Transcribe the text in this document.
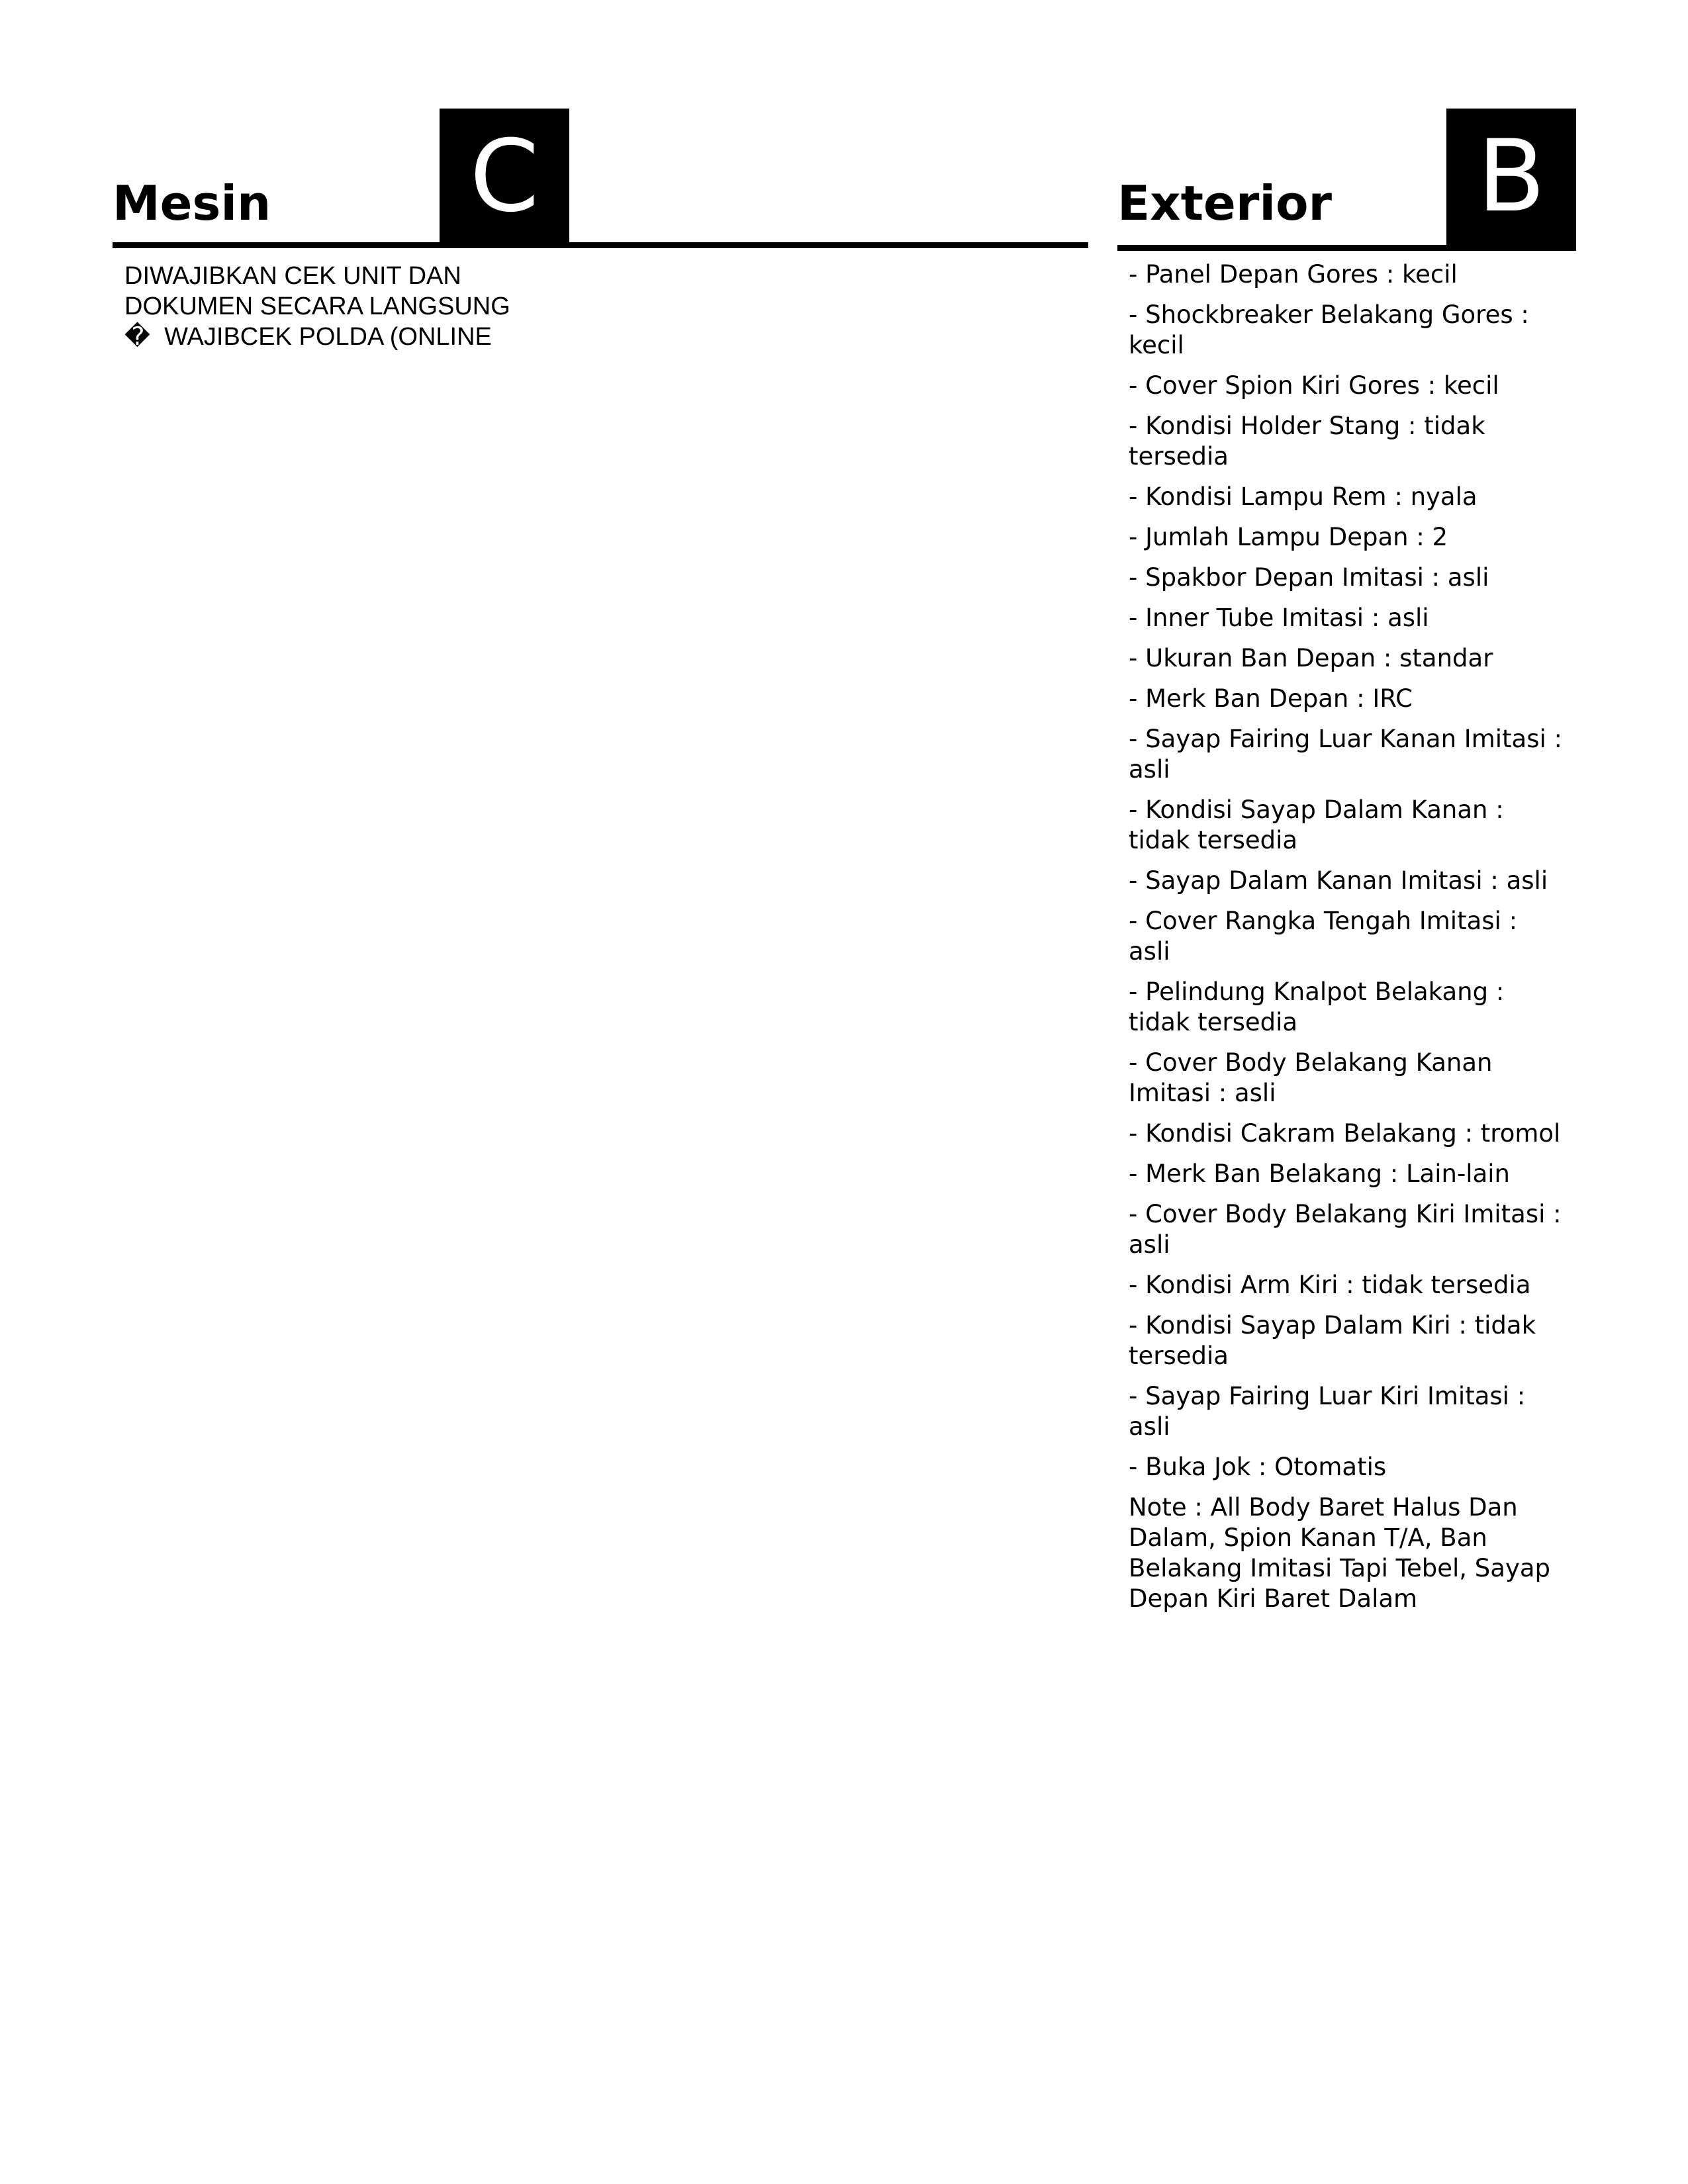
Mesin	C	Exterior	B

DIWAJIBKAN CEK UNIT DAN

DOKUMEN SECARA LANGSUNG

�  WAJIBCEK POLDA (ONLINE

- Panel Depan Gores : kecil
- Shockbreaker Belakang Gores : kecil
- Cover Spion Kiri Gores : kecil
- Kondisi Holder Stang : tidak tersedia
- Kondisi Lampu Rem : nyala
- Jumlah Lampu Depan : 2
- Spakbor Depan Imitasi : asli
- Inner Tube Imitasi : asli
- Ukuran Ban Depan : standar
- Merk Ban Depan : IRC
- Sayap Fairing Luar Kanan Imitasi : asli
- Kondisi Sayap Dalam Kanan : tidak tersedia
- Sayap Dalam Kanan Imitasi : asli
- Cover Rangka Tengah Imitasi : asli
- Pelindung Knalpot Belakang : tidak tersedia
- Cover Body Belakang Kanan Imitasi : asli
- Kondisi Cakram Belakang : tromol
- Merk Ban Belakang : Lain-lain
- Cover Body Belakang Kiri Imitasi : asli
- Kondisi Arm Kiri : tidak tersedia
- Kondisi Sayap Dalam Kiri : tidak tersedia
- Sayap Fairing Luar Kiri Imitasi : asli
- Buka Jok : Otomatis
Note : All Body Baret Halus Dan Dalam, Spion Kanan T/A, Ban Belakang Imitasi Tapi Tebel, Sayap Depan Kiri Baret Dalam
